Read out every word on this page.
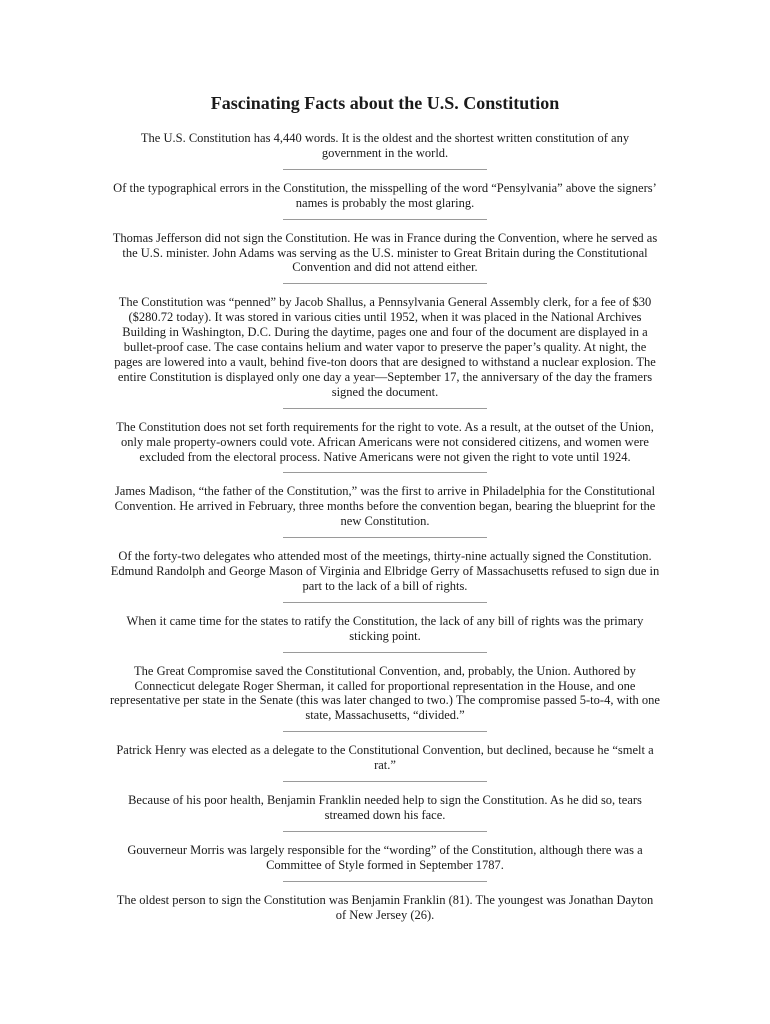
Fascinating Facts about the U.S. Constitution

The U.S. Constitution has 4,440 words. It is the oldest and the shortest written constitution of any government in the world.

Of the typographical errors in the Constitution, the misspelling of the word “Pensylvania” above the signers’ names is probably the most glaring.

Thomas Jefferson did not sign the Constitution. He was in France during the Convention, where he served as the U.S. minister. John Adams was serving as the U.S. minister to Great Britain during the Constitutional Convention and did not attend either.

The Constitution was “penned” by Jacob Shallus, a Pennsylvania General Assembly clerk, for a fee of $30 ($280.72 today). It was stored in various cities until 1952, when it was placed in the National Archives Building in Washington, D.C. During the daytime, pages one and four of the document are displayed in a bullet-proof case. The case contains helium and water vapor to preserve the paper’s quality. At night, the pages are lowered into a vault, behind five-ton doors that are designed to withstand a nuclear explosion. The entire Constitution is displayed only one day a year—September 17, the anniversary of the day the framers signed the document.

The Constitution does not set forth requirements for the right to vote. As a result, at the outset of the Union, only male property-owners could vote. African Americans were not considered citizens, and women were excluded from the electoral process. Native Americans were not given the right to vote until 1924.

James Madison, “the father of the Constitution,” was the first to arrive in Philadelphia for the Constitutional Convention. He arrived in February, three months before the convention began, bearing the blueprint for the new Constitution.

Of the forty-two delegates who attended most of the meetings, thirty-nine actually signed the Constitution. Edmund Randolph and George Mason of Virginia and Elbridge Gerry of Massachusetts refused to sign due in part to the lack of a bill of rights.

When it came time for the states to ratify the Constitution, the lack of any bill of rights was the primary sticking point.

The Great Compromise saved the Constitutional Convention, and, probably, the Union. Authored by Connecticut delegate Roger Sherman, it called for proportional representation in the House, and one representative per state in the Senate (this was later changed to two.) The compromise passed 5-to-4, with one state, Massachusetts, “divided.”

Patrick Henry was elected as a delegate to the Constitutional Convention, but declined, because he “smelt a rat.”

Because of his poor health, Benjamin Franklin needed help to sign the Constitution. As he did so, tears streamed down his face.

Gouverneur Morris was largely responsible for the “wording” of the Constitution, although there was a Committee of Style formed in September 1787.

The oldest person to sign the Constitution was Benjamin Franklin (81). The youngest was Jonathan Dayton of New Jersey (26).
